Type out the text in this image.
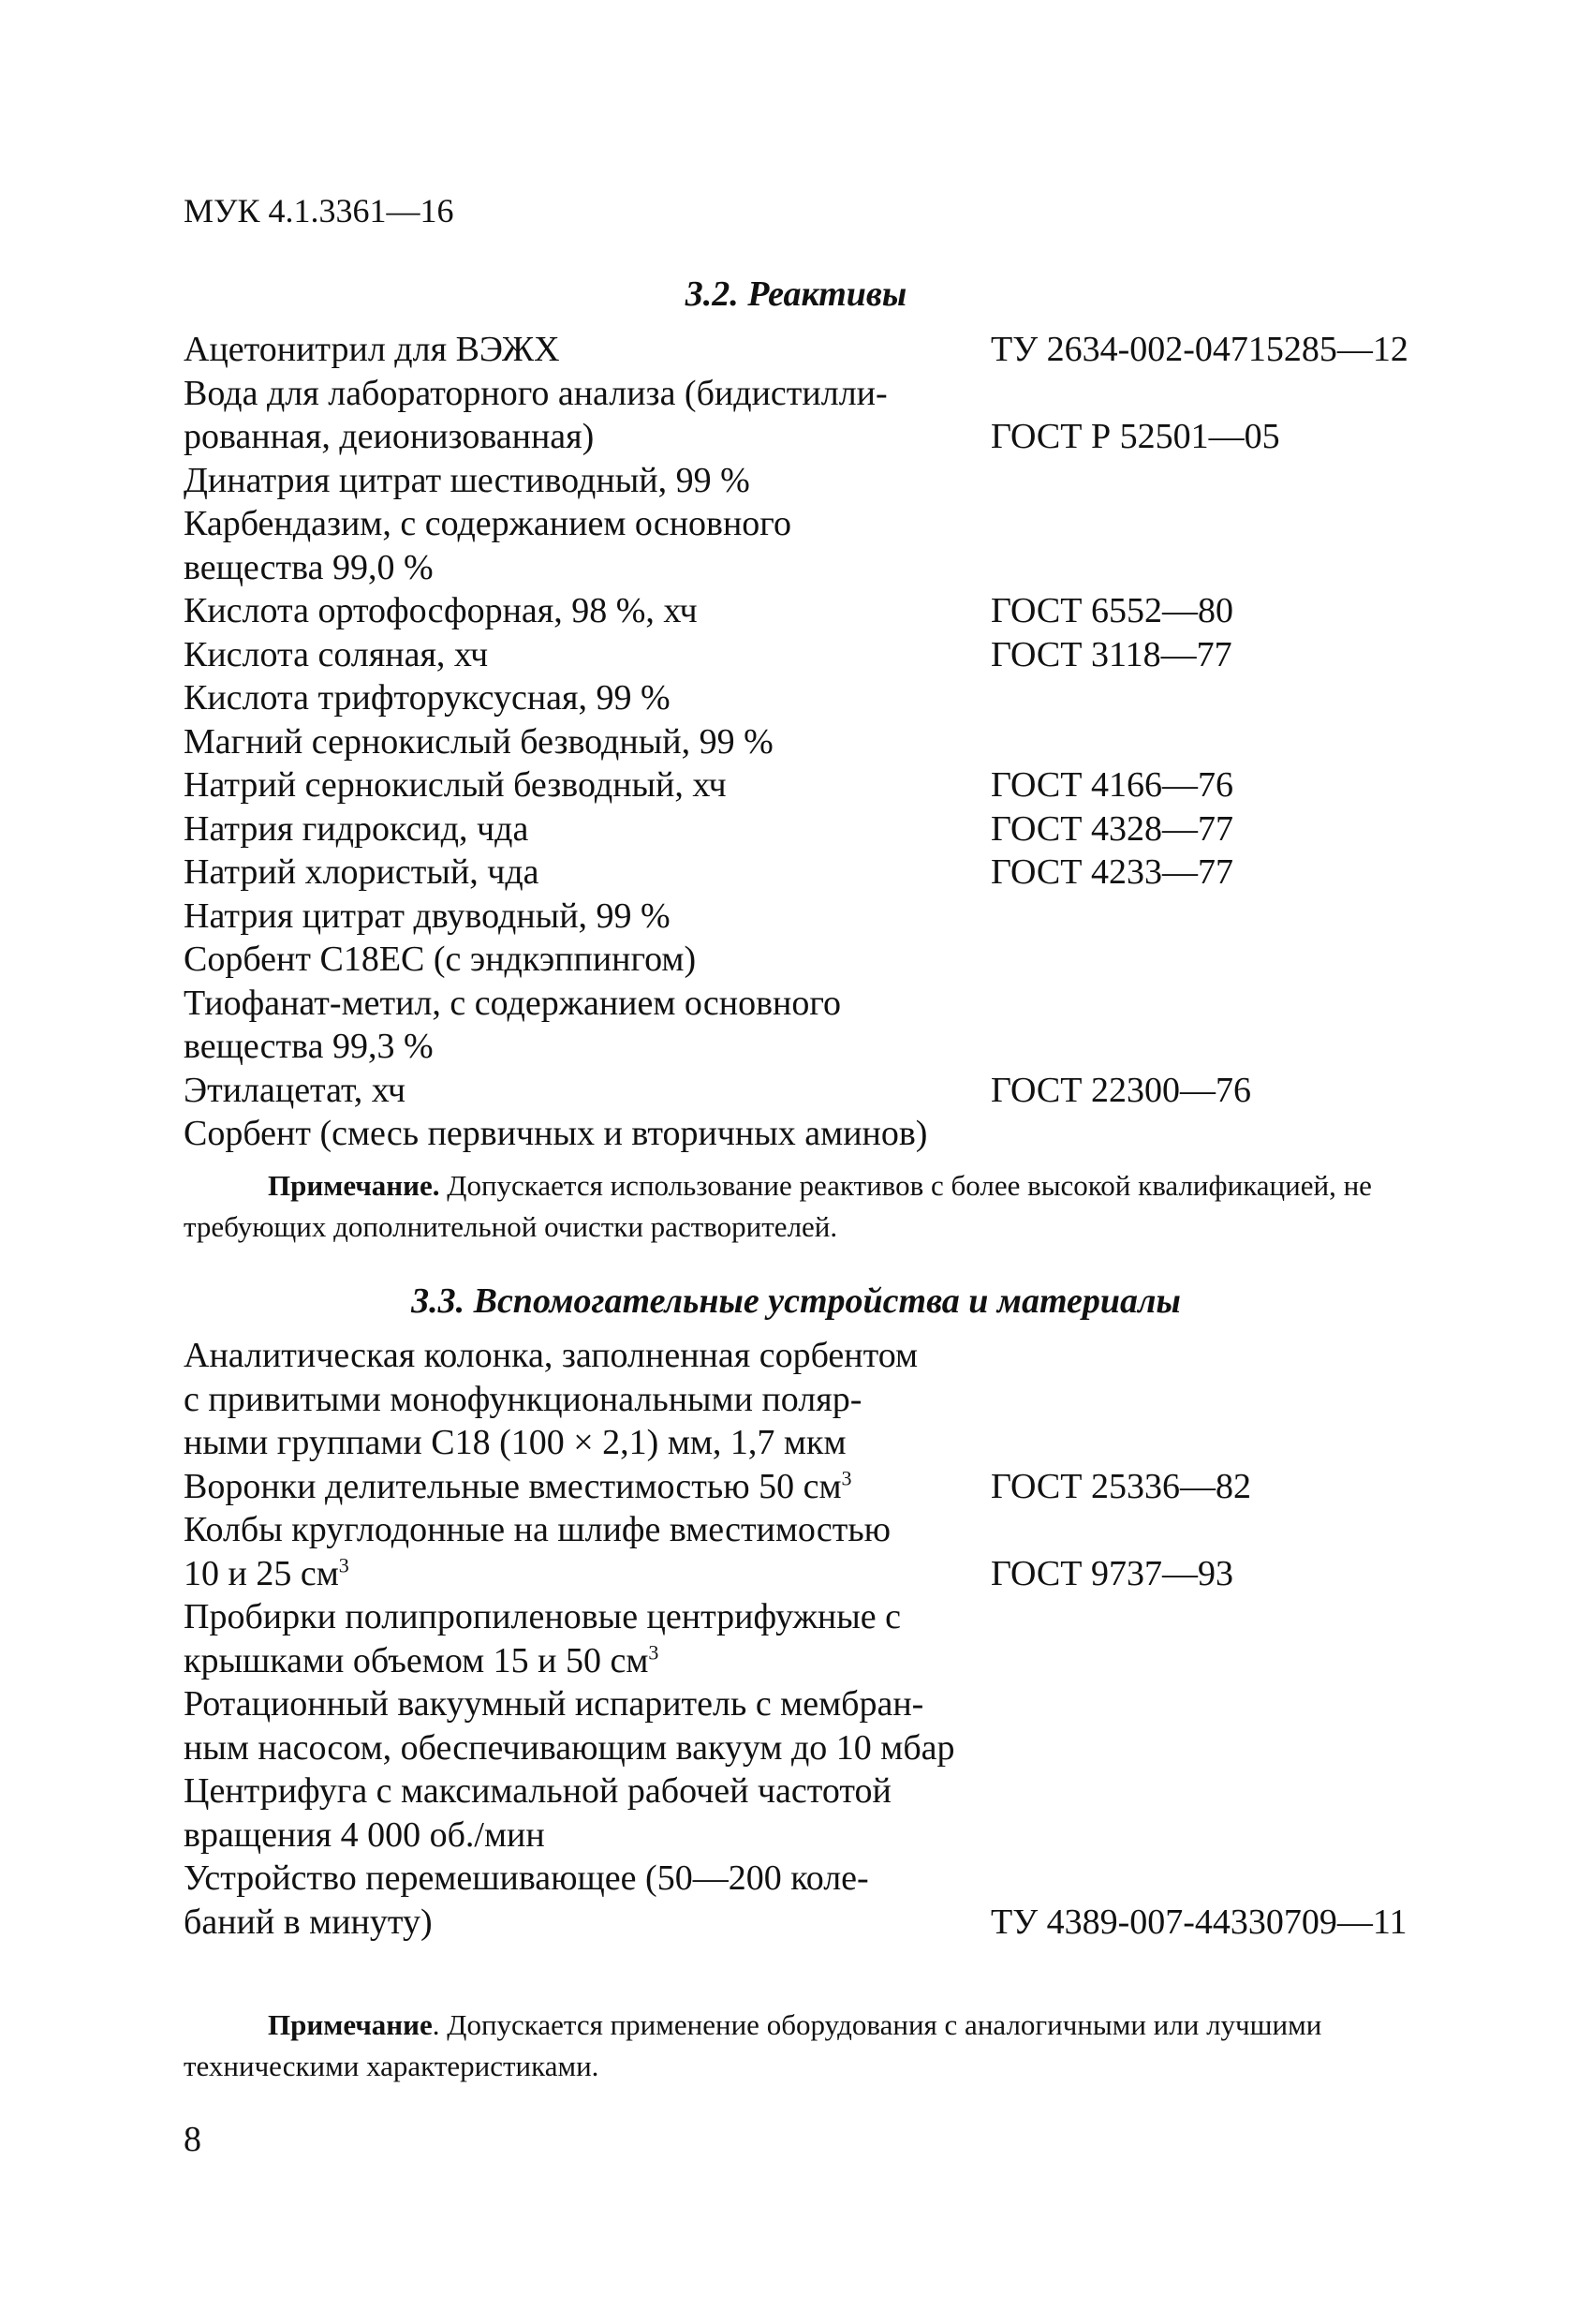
МУК 4.1.3361—16
3.2. Реактивы
Ацетонитрил для ВЭЖХ	ТУ 2634-002-04715285—12
Вода для лабораторного анализа (бидистилли-
рованная, деионизованная)	ГОСТ Р 52501—05
Динатрия цитрат шестиводный, 99 %
Карбендазим, с содержанием основного
вещества 99,0 %
Кислота ортофосфорная, 98 %, хч	ГОСТ 6552—80
Кислота соляная, хч	ГОСТ 3118—77
Кислота трифторуксусная, 99 %
Магний сернокислый безводный, 99 %
Натрий сернокислый безводный, хч	ГОСТ 4166—76
Натрия гидроксид, чда	ГОСТ 4328—77
Натрий хлористый, чда	ГОСТ 4233—77
Натрия цитрат двуводный, 99 %
Сорбент C18EC (с эндкэппингом)
Тиофанат-метил, с содержанием основного
вещества 99,3 %
Этилацетат, хч	ГОСТ 22300—76
Сорбент (смесь первичных и вторичных аминов)
Примечание. Допускается использование реактивов с более высокой квалификацией, не требующих дополнительной очистки растворителей.
3.3. Вспомогательные устройства и материалы
Аналитическая колонка, заполненная сорбентом
с привитыми монофункциональными поляр-
ными группами C18 (100 × 2,1) мм, 1,7 мкм
Воронки делительные вместимостью 50 $см^3$	ГОСТ 25336—82
Колбы круглодонные на шлифе вместимостью
10 и 25 $см^3$	ГОСТ 9737—93
Пробирки полипропиленовые центрифужные с
крышками объемом 15 и 50 $см^3$
Ротационный вакуумный испаритель с мембран-
ным насосом, обеспечивающим вакуум до 10 мбар
Центрифуга с максимальной рабочей частотой
вращения 4 000 об./мин
Устройство перемешивающее (50—200 коле-
баний в минуту)	ТУ 4389-007-44330709—11
Примечание. Допускается применение оборудования с аналогичными или лучшими техническими характеристиками.
8
